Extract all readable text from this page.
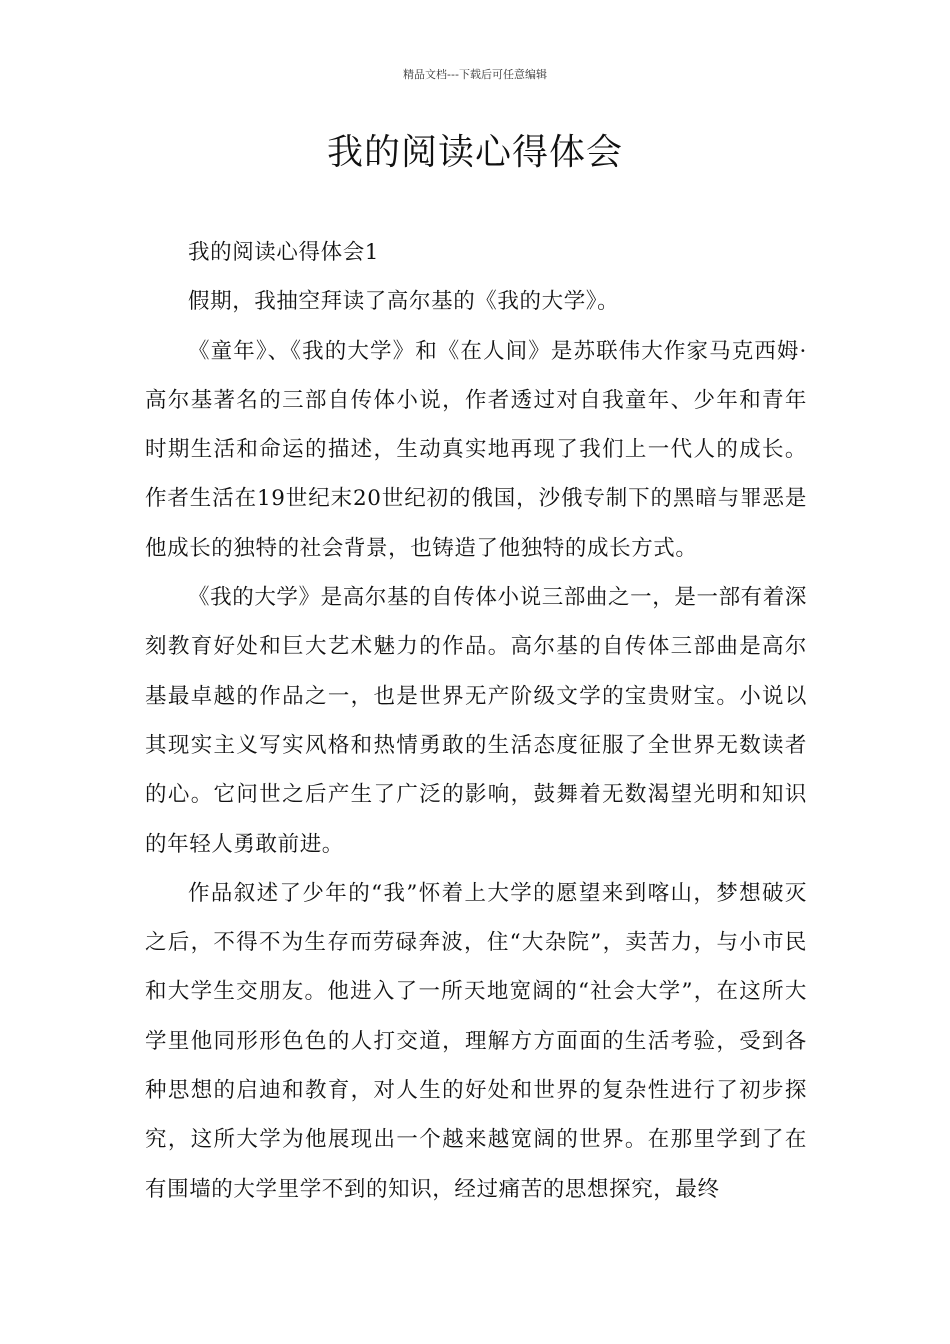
精品文档---下载后可任意编辑
我的阅读心得体会

我的阅读心得体会1

假期，我抽空拜读了高尔基的《我的大学》。

《童年》、《我的大学》和《在人间》是苏联伟大作家马克西姆·高尔基著名的三部自传体小说，作者透过对自我童年、少年和青年时期生活和命运的描述，生动真实地再现了我们上一代人的成长。作者生活在19世纪末20世纪初的俄国，沙俄专制下的黑暗与罪恶是他成长的独特的社会背景，也铸造了他独特的成长方式。

《我的大学》是高尔基的自传体小说三部曲之一，是一部有着深刻教育好处和巨大艺术魅力的作品。高尔基的自传体三部曲是高尔基最卓越的作品之一，也是世界无产阶级文学的宝贵财宝。小说以其现实主义写实风格和热情勇敢的生活态度征服了全世界无数读者的心。它问世之后产生了广泛的影响，鼓舞着无数渴望光明和知识的年轻人勇敢前进。

作品叙述了少年的“我”怀着上大学的愿望来到喀山，梦想破灭之后，不得不为生存而劳碌奔波，住“大杂院”，卖苦力，与小市民和大学生交朋友。他进入了一所天地宽阔的“社会大学”，在这所大学里他同形形色色的人打交道，理解方方面面的生活考验，受到各种思想的启迪和教育，对人生的好处和世界的复杂性进行了初步探究，这所大学为他展现出一个越来越宽阔的世界。在那里学到了在有围墙的大学里学不到的知识，经过痛苦的思想探究，最终
